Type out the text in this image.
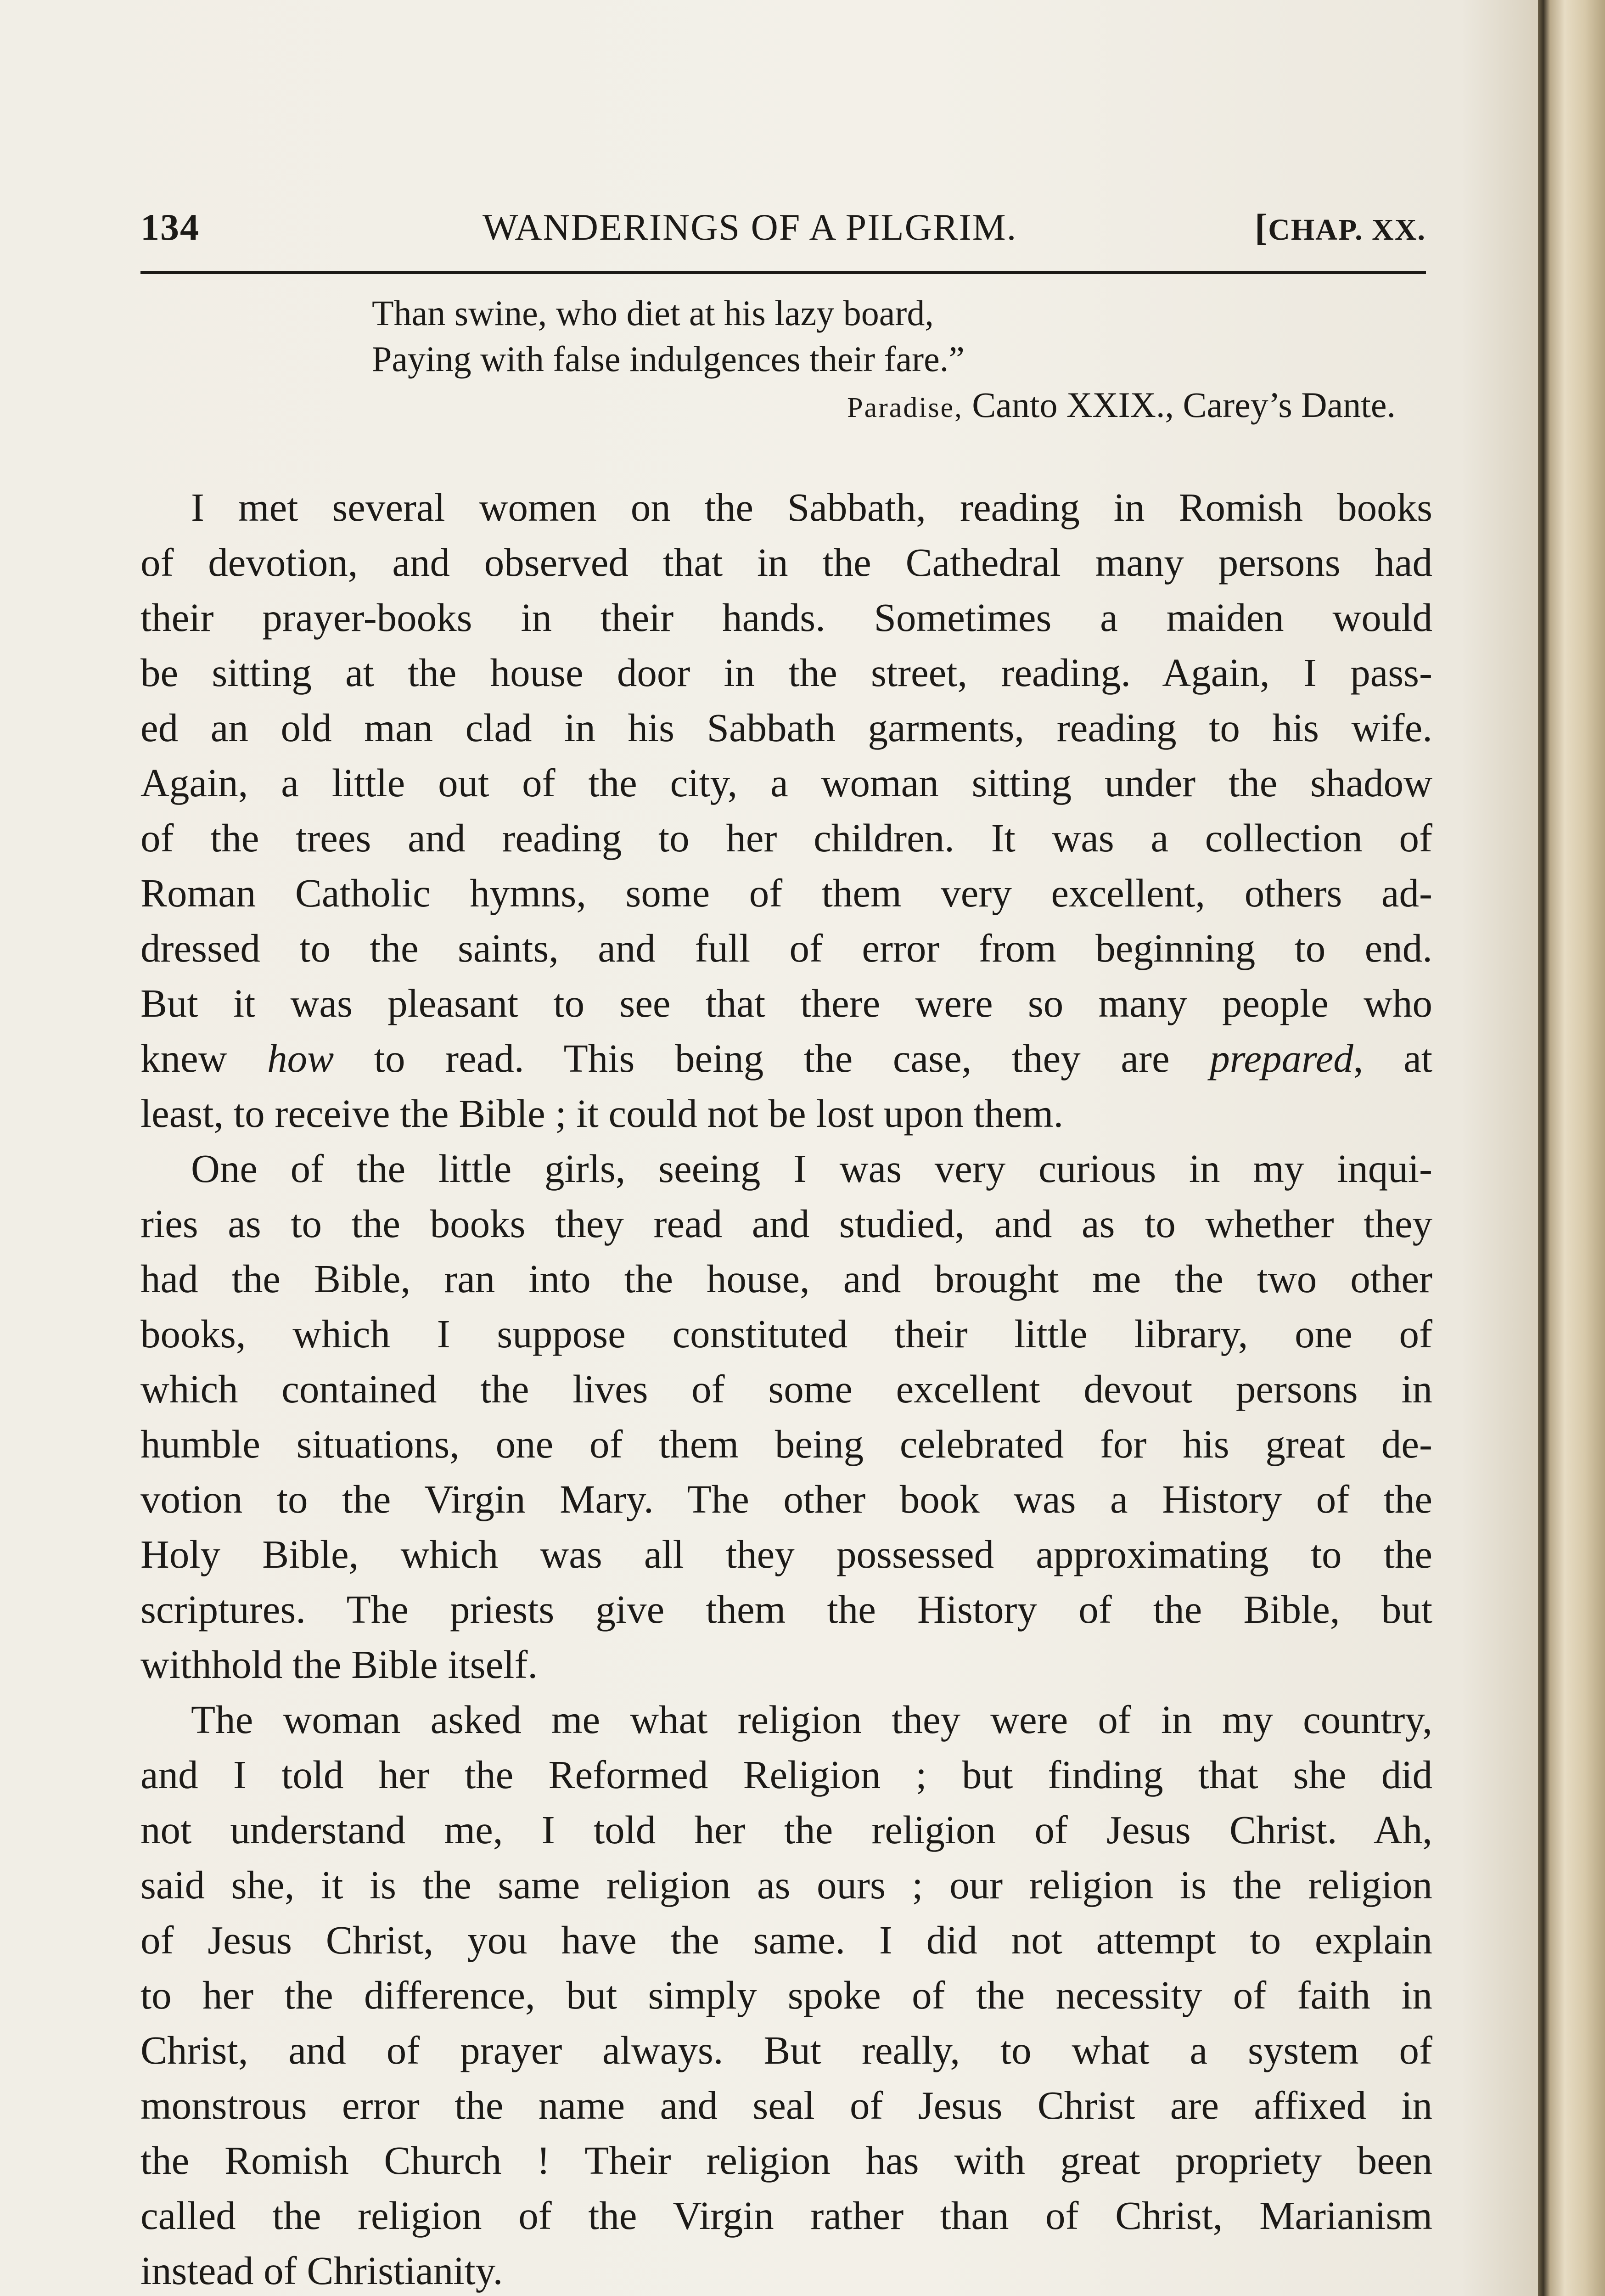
134	WANDERINGS OF A PILGRIM.	[CHAP. XX.
Than swine, who diet at his lazy board,
Paying with false indulgences their fare.”
Paradise, Canto XXIX., Carey’s Dante.
I met several women on the Sabbath, reading in Romish books
of devotion, and observed that in the Cathedral many persons had
their prayer-books in their hands. Sometimes a maiden would
be sitting at the house door in the street, reading. Again, I pass-
ed an old man clad in his Sabbath garments, reading to his wife.
Again, a little out of the city, a woman sitting under the shadow
of the trees and reading to her children. It was a collection of
Roman Catholic hymns, some of them very excellent, others ad-
dressed to the saints, and full of error from beginning to end.
But it was pleasant to see that there were so many people who
knew how to read. This being the case, they are prepared, at
least, to receive the Bible ; it could not be lost upon them.
One of the little girls, seeing I was very curious in my inqui-
ries as to the books they read and studied, and as to whether they
had the Bible, ran into the house, and brought me the two other
books, which I suppose constituted their little library, one of
which contained the lives of some excellent devout persons in
humble situations, one of them being celebrated for his great de-
votion to the Virgin Mary. The other book was a History of the
Holy Bible, which was all they possessed approximating to the
scriptures. The priests give them the History of the Bible, but
withhold the Bible itself.
The woman asked me what religion they were of in my country,
and I told her the Reformed Religion ; but finding that she did
not understand me, I told her the religion of Jesus Christ. Ah,
said she, it is the same religion as ours ; our religion is the religion
of Jesus Christ, you have the same. I did not attempt to explain
to her the difference, but simply spoke of the necessity of faith in
Christ, and of prayer always. But really, to what a system of
monstrous error the name and seal of Jesus Christ are affixed in
the Romish Church ! Their religion has with great propriety been
called the religion of the Virgin rather than of Christ, Marianism
instead of Christianity.
